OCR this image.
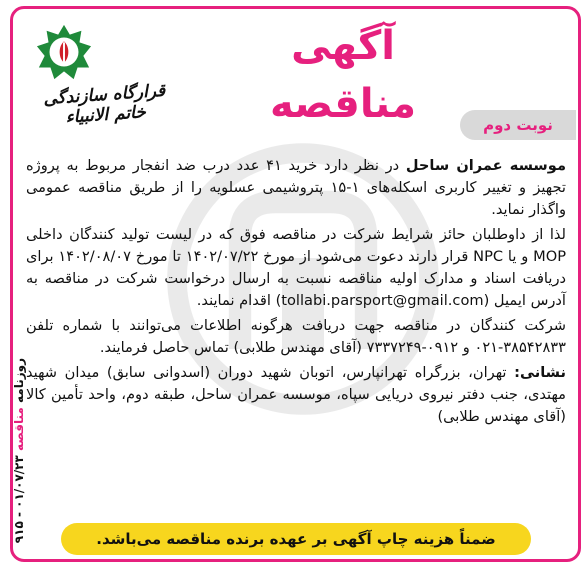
آگهی مناقصه
قرارگاه سازندگی خاتم الانبیاء	نوبت دوم

موسسه عمران ساحل در نظر دارد خرید ۴۱ عدد درب ضد انفجار مربوط به پروژه تجهیز و تغییر کاربری اسکله‌های ۱-۱۵ پتروشیمی عسلویه را از طریق مناقصه عمومی واگذار نماید.

لذا از داوطلبان حائز شرایط شرکت در مناقصه فوق که در لیست تولید کنندگان داخلی MOP و یا NPC قرار دارند دعوت می‌شود از مورخ ۱۴۰۲/۰۷/۲۲ تا مورخ ۱۴۰۲/۰۸/۰۷ برای دریافت اسناد و مدارک اولیه مناقصه نسبت به ارسال درخواست شرکت در مناقصه به آدرس ایمیل (tollabi.parsport@gmail.com) اقدام نمایند.

شرکت کنندگان در مناقصه جهت دریافت هرگونه اطلاعات می‌توانند با شماره تلفن ۳۸۵۴۲۸۳۳-۰۲۱ و ۰۹۱۲-۷۳۳۷۲۴۹ (آقای مهندس طلابی) تماس حاصل فرمایند.

نشانی: تهران، بزرگراه تهرانپارس، اتوبان شهید دوران (اسدوانی سابق) میدان شهید مهتدی، جنب دفتر نیروی دریایی سپاه، موسسه عمران ساحل، طبقه دوم، واحد تأمین کالا (آقای مهندس طلابی)

ضمناً هزینه چاپ آگهی بر عهده برنده مناقصه می‌باشد.
روزنامه مناقصه ۰۱/۰۷/۲۳ - ۹۱۵
